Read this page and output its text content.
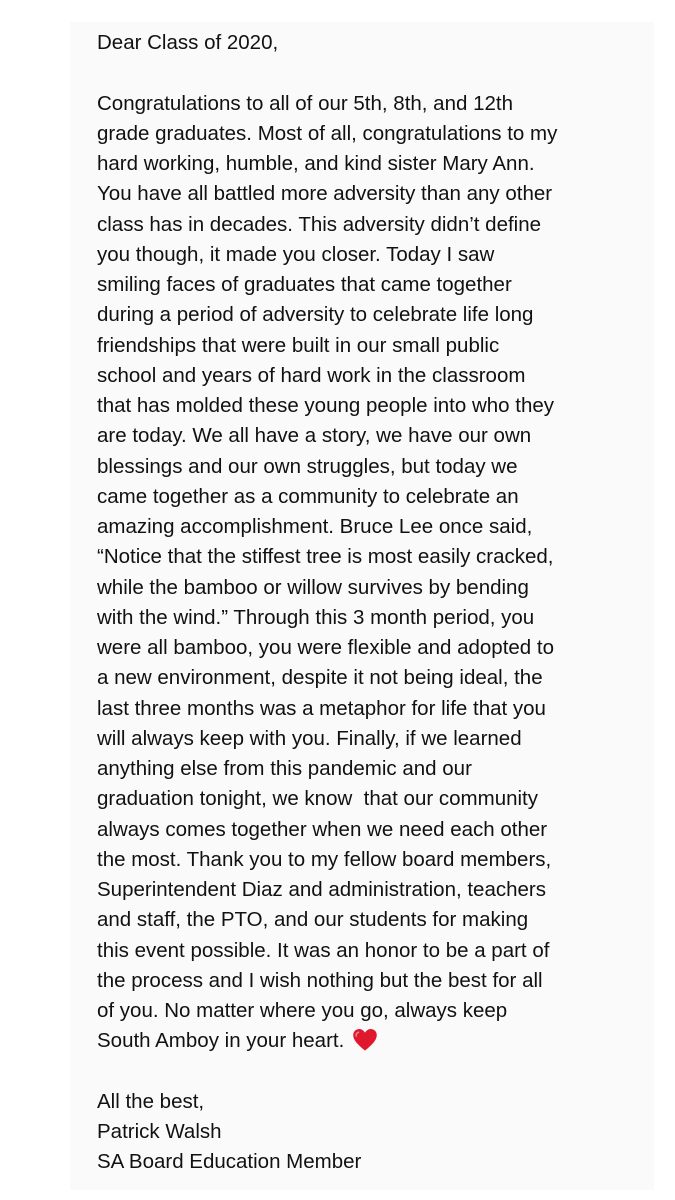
Dear Class of 2020,
Congratulations to all of our 5th, 8th, and 12th
grade graduates. Most of all, congratulations to my
hard working, humble, and kind sister Mary Ann.
You have all battled more adversity than any other
class has in decades. This adversity didn’t define
you though, it made you closer. Today I saw
smiling faces of graduates that came together
during a period of adversity to celebrate life long
friendships that were built in our small public
school and years of hard work in the classroom
that has molded these young people into who they
are today. We all have a story, we have our own
blessings and our own struggles, but today we
came together as a community to celebrate an
amazing accomplishment. Bruce Lee once said,
“Notice that the stiffest tree is most easily cracked,
while the bamboo or willow survives by bending
with the wind.” Through this 3 month period, you
were all bamboo, you were flexible and adopted to
a new environment, despite it not being ideal, the
last three months was a metaphor for life that you
will always keep with you. Finally, if we learned
anything else from this pandemic and our
graduation tonight, we know  that our community
always comes together when we need each other
the most. Thank you to my fellow board members,
Superintendent Diaz and administration, teachers
and staff, the PTO, and our students for making
this event possible. It was an honor to be a part of
the process and I wish nothing but the best for all
of you. No matter where you go, always keep
South Amboy in your heart.
All the best,
Patrick Walsh
SA Board Education Member
